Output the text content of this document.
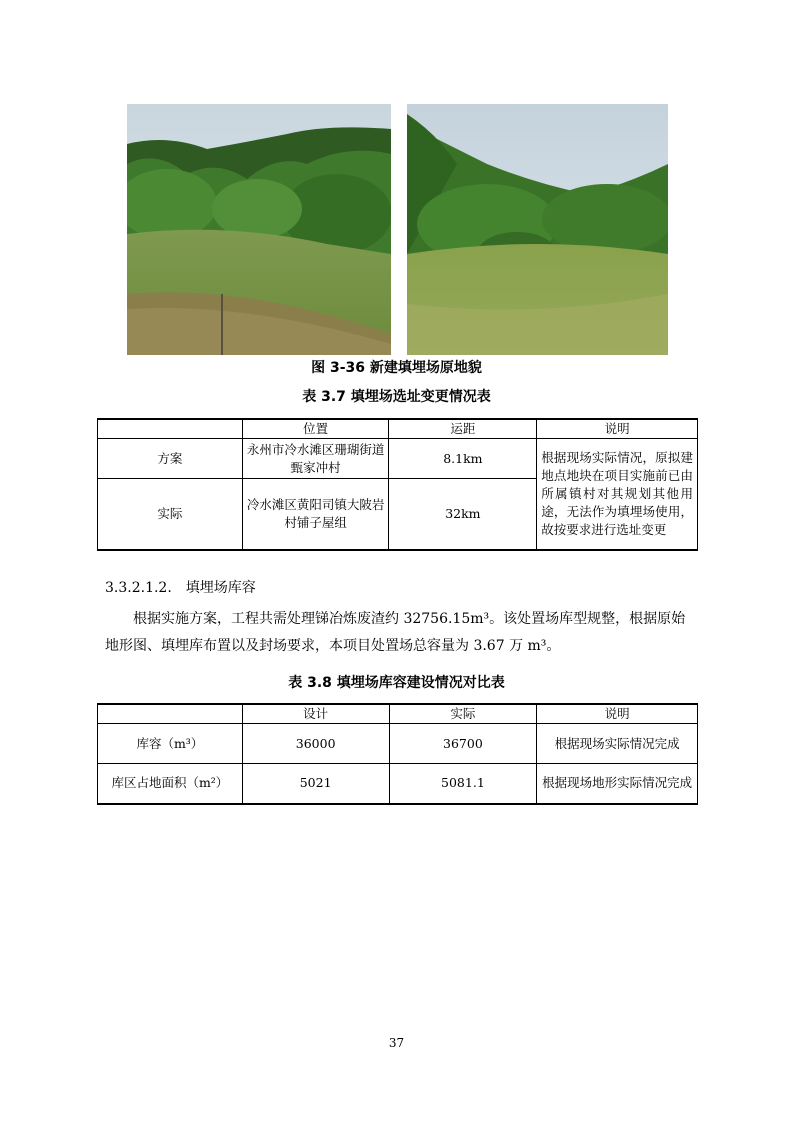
图 3-36 新建填埋场原地貌
表 3.7 填埋场选址变更情况表
	位置	运距	说明
方案	永州市冷水滩区珊瑚街道甄家冲村	8.1km	根据现场实际情况，原拟建地点地块在项目实施前已由所属镇村对其规划其他用途，无法作为填埋场使用，故按要求进行选址变更
实际	冷水滩区黄阳司镇大陂岩村铺子屋组	32km	
3.3.2.1.2.　填埋场库容
根据实施方案，工程共需处理锑冶炼废渣约 32756.15m³。该处置场库型规整，根据原始地形图、填埋库布置以及封场要求，本项目处置场总容量为 3.67 万 m³。
表 3.8 填埋场库容建设情况对比表
	设计	实际	说明
库容（m³）	36000	36700	根据现场实际情况完成
库区占地面积（m²）	5021	5081.1	根据现场地形实际情况完成
37
